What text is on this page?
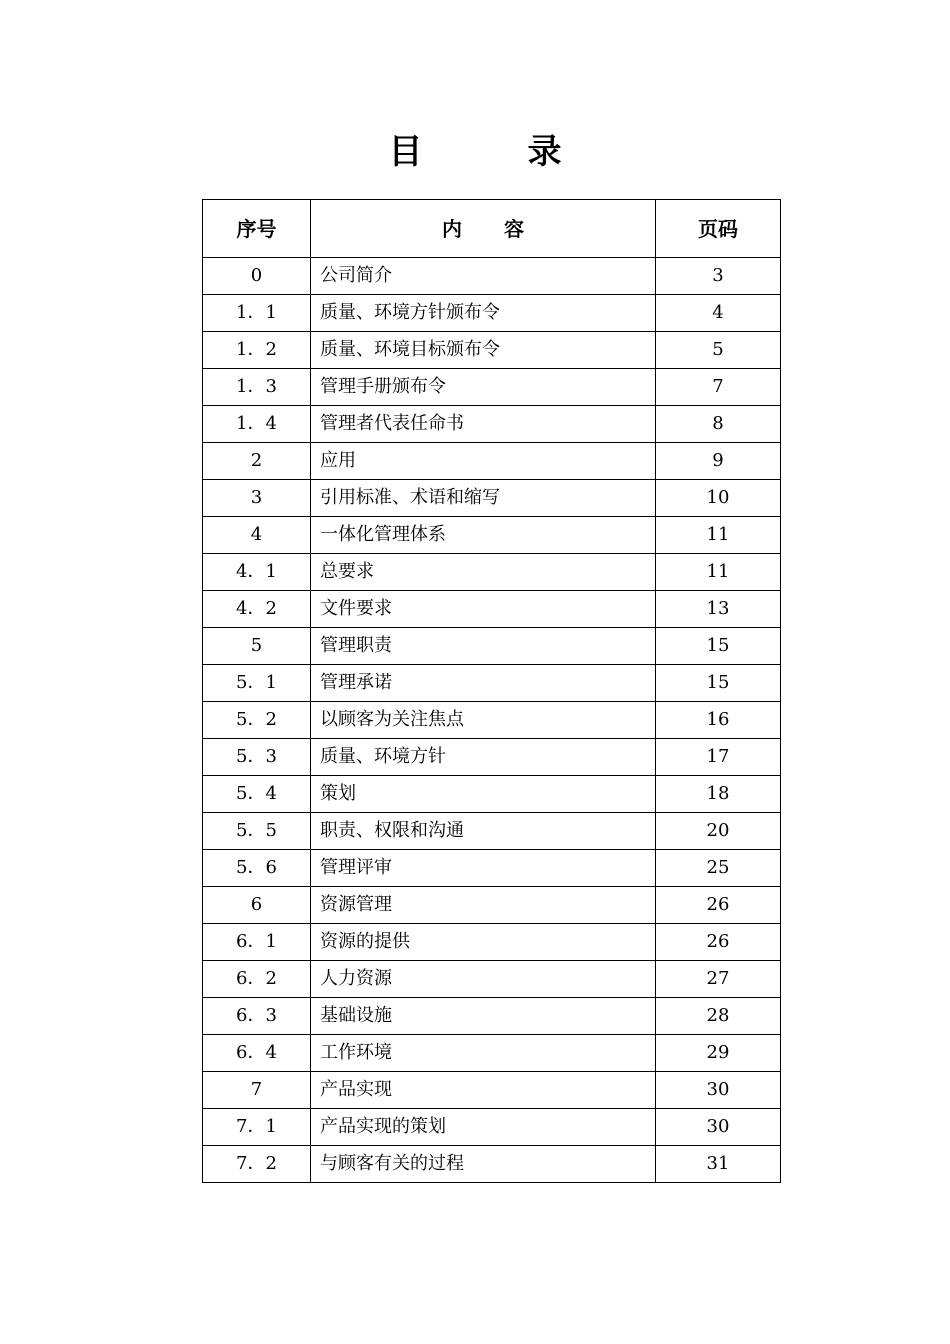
目	录
序号	内 容	页码
0	公司简介	3
1．1	质量、环境方针颁布令	4
1．2	质量、环境目标颁布令	5
1．3	管理手册颁布令	7
1．4	管理者代表任命书	8
2	应用	9
3	引用标准、术语和缩写	10
4	一体化管理体系	11
4．1	总要求	11
4．2	文件要求	13
5	管理职责	15
5．1	管理承诺	15
5．2	以顾客为关注焦点	16
5．3	质量、环境方针	17
5．4	策划	18
5．5	职责、权限和沟通	20
5．6	管理评审	25
6	资源管理	26
6．1	资源的提供	26
6．2	人力资源	27
6．3	基础设施	28
6．4	工作环境	29
7	产品实现	30
7．1	产品实现的策划	30
7．2	与顾客有关的过程	31
